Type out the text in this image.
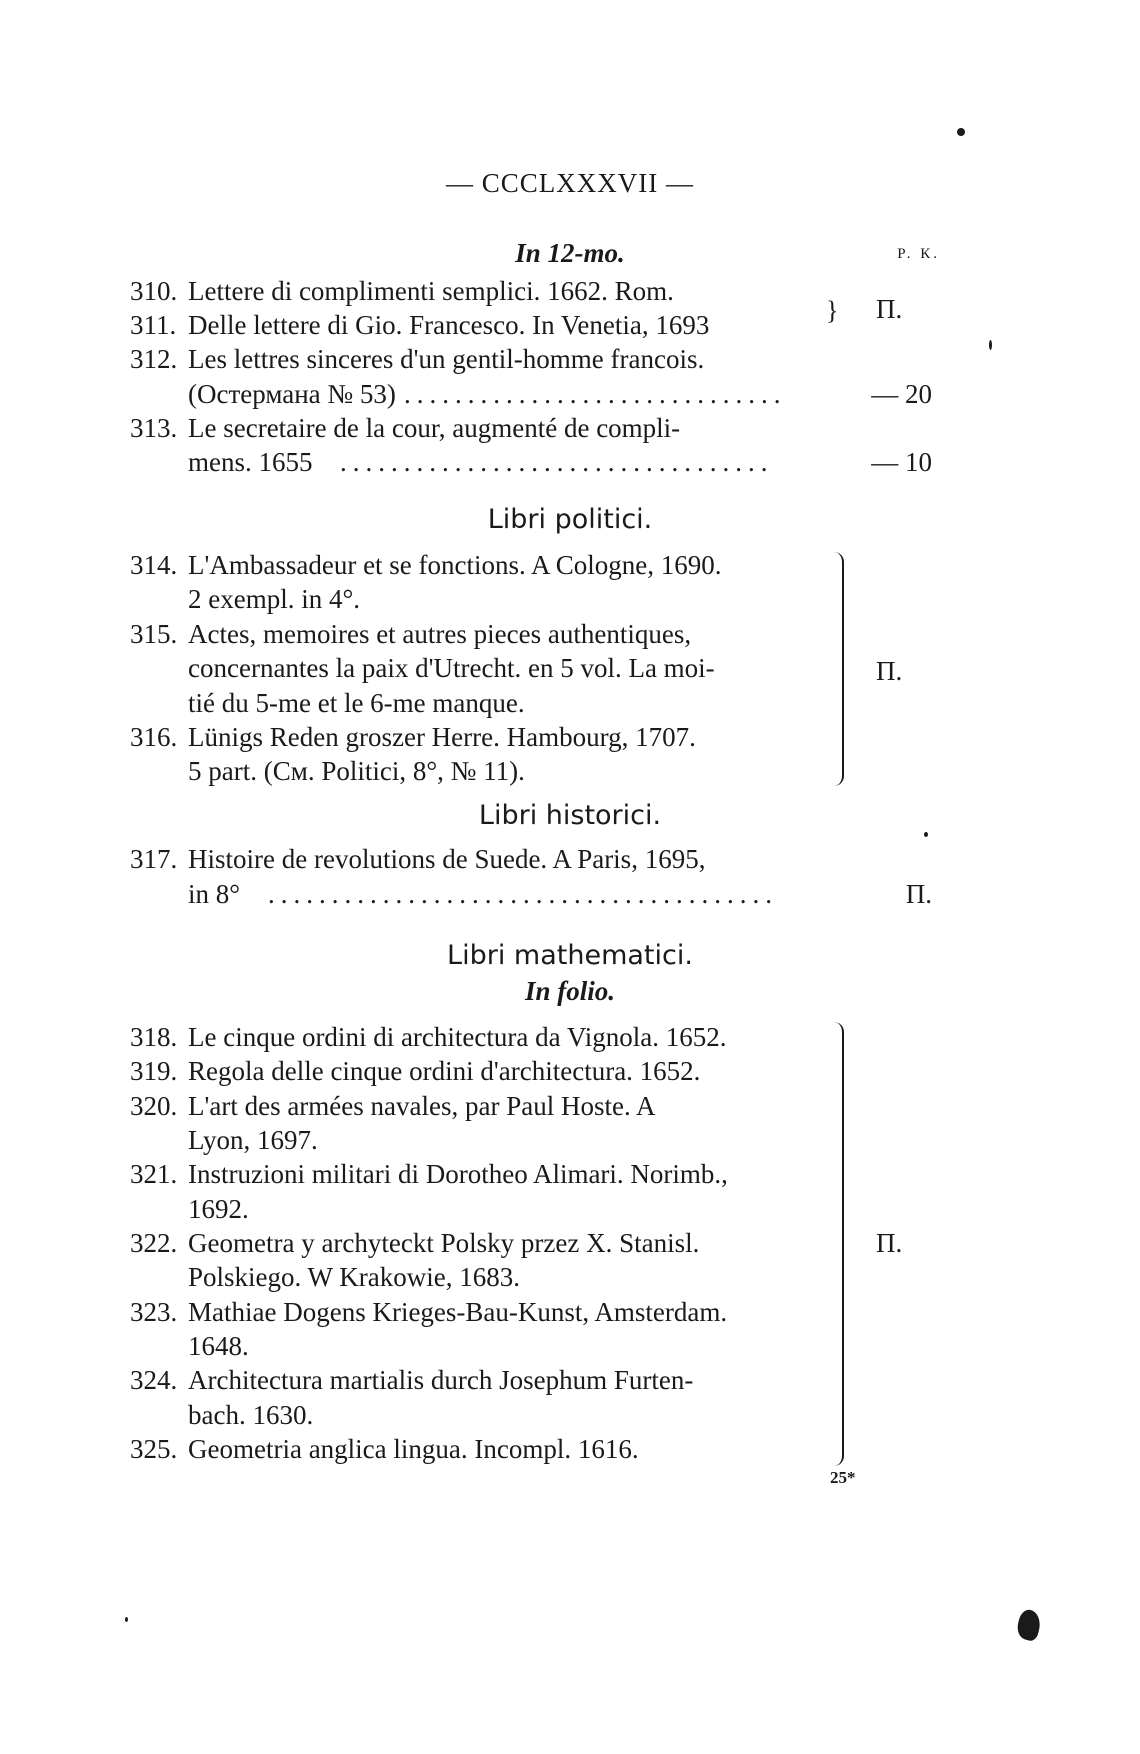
— CCCLXXXVII —
In 12-mo.	Р. К.
310. Lettere di complimenti semplici. 1662. Rom.
311. Delle lettere di Gio. Francesco. In Venetia, 1693	} П.
312. Les lettres sinceres d'un gentil-homme francois.
(Остермана № 53) ..............................	— 20
313. Le secretaire de la cour, augmenté de compli-
mens. 1655 ..................................	— 10
Libri politici.
314. L'Ambassadeur et se fonctions. A Cologne, 1690.
2 exempl. in 4°.
315. Actes, memoires et autres pieces authentiques,
concernantes la paix d'Utrecht. en 5 vol. La moi-
tié du 5-me et le 6-me manque.
316. Lünigs Reden groszer Herre. Hambourg, 1707.
5 part. (См. Politici, 8°, № 11).
П.
Libri historici.
317. Histoire de revolutions de Suede. A Paris, 1695,
in 8° ........................................	П.
Libri mathematici.
In folio.
318. Le cinque ordini di architectura da Vignola. 1652.
319. Regola delle cinque ordini d'architectura. 1652.
320. L'art des armées navales, par Paul Hoste. A
Lyon, 1697.
321. Instruzioni militari di Dorotheo Alimari. Norimb.,
1692.
322. Geometra y archyteckt Polsky przez X. Stanisl.
Polskiego. W Krakowie, 1683.
323. Mathiae Dogens Krieges-Bau-Kunst, Amsterdam.
1648.
324. Architectura martialis durch Josephum Furten-
bach. 1630.
325. Geometria anglica lingua. Incompl. 1616.
П.
25*
